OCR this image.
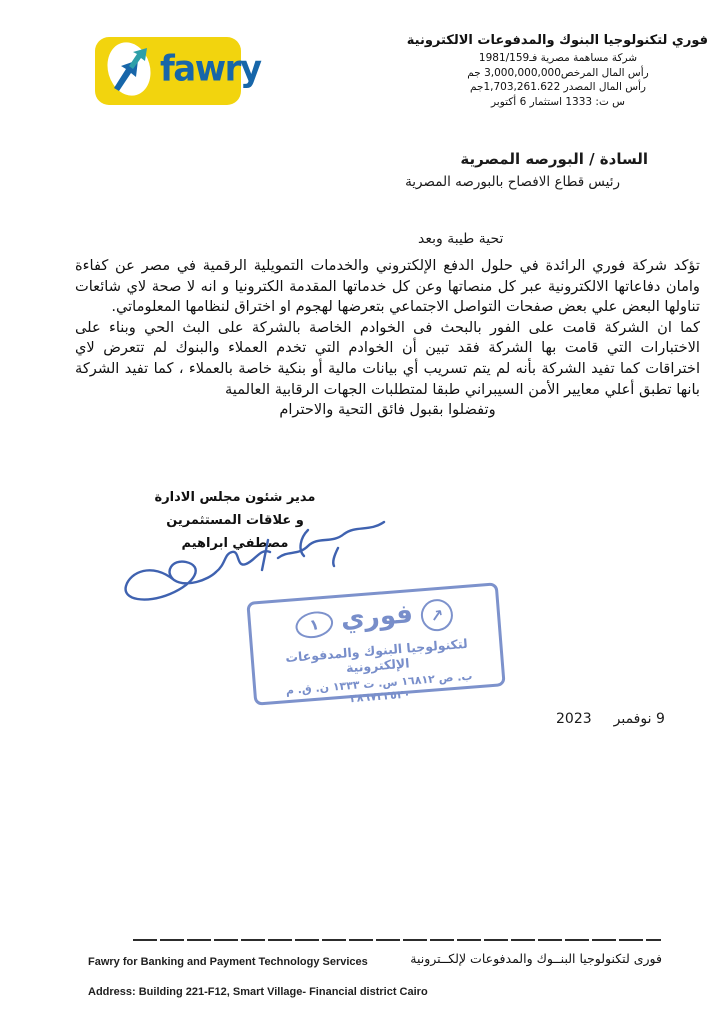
fawry
فوري لتكنولوجيا البنوك والمدفوعات الالكترونية
شركة مساهمة مصرية فـ1981/159
رأس المال المرخص3,000,000,000 جم
رأس المال المصدر 1,703,261.622جم
س ت: 1333 استثمار 6 أكتوبر
السادة / البورصه المصرية
رئيس قطاع الافصاح بالبورصه المصرية
تحية طيبة وبعد
تؤكد شركة فوري الرائدة في حلول الدفع الإلكتروني والخدمات التمويلية الرقمية في مصر عن كفاءة وامان دفاعاتها الالكترونية عبر كل منصاتها وعن كل خدماتها المقدمة الكترونيا و انه لا صحة لاي شائعات تناولها البعض علي بعض صفحات التواصل الاجتماعي بتعرضها لهجوم او اختراق لنظامها المعلوماتي.
كما ان الشركة قامت على الفور بالبحث فى الخوادم الخاصة بالشركة على البث الحي وبناء على الاختبارات التي قامت بها الشركة فقد تبين أن الخوادم التي تخدم العملاء والبنوك لم تتعرض لاي اختراقات كما تفيد الشركة بأنه لم يتم تسريب أي بيانات مالية أو بنكية خاصة بالعملاء ، كما تفيد الشركة بانها تطبق أعلي معايير الأمن السيبراني طبقا لمتطلبات الجهات الرقابية العالمية
وتفضلوا بقبول فائق التحية والاحترام
مدير شئون مجلس الادارة
و علاقات المستثمرين
مصطفي ابراهيم
↗
فوري
١
لتكنولوجيا البنوك والمدفوعات الإلكترونية
ب. ص ١٦٨١٢ س. ت ١٣٣٣ ن. ق. م ٣٨٦٧٢٢٥٢٠
9 نوفمبر
2023
Fawry for Banking and Payment Technology Services	فورى لتكنولوجيا البنــوك والمدفوعات لإلكــترونية
Address: Building 221-F12, Smart Village- Financial district Cairo
